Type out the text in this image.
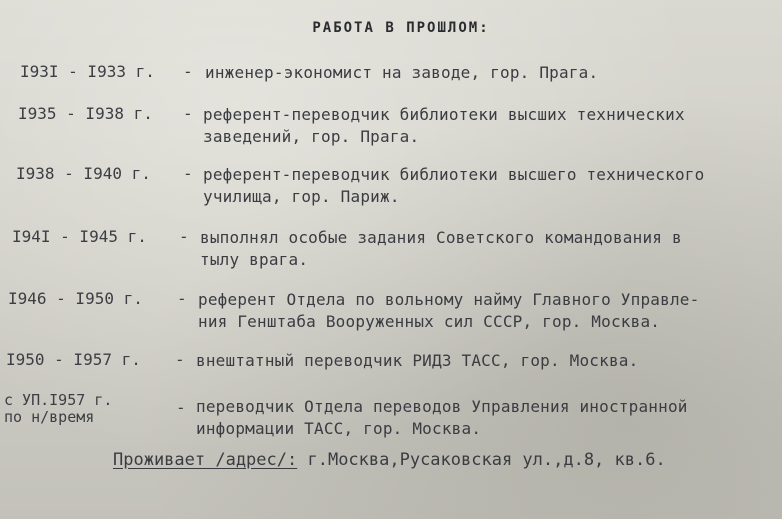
РАБОТА В ПРОШЛОМ:
I93I - I933 г. - инженер-экономист на заводе, гор. Прага.
I935 - I938 г. - референт-переводчик библиотеки высших технических
заведений, гор. Прага.
I938 - I940 г. - референт-переводчик библиотеки высшего технического
училища, гор. Париж.
I94I - I945 г. - выполнял особые задания Советского командования в
тылу врага.
I946 - I950 г. - референт Отдела по вольному найму Главного Управле-
ния Генштаба Вооруженных сил СССР, гор. Москва.
I950 - I957 г. - внештатный переводчик РИДЗ ТАСС, гор. Москва.
с УП.I957 г.
по н/время	- переводчик Отдела переводов Управления иностранной
информации ТАСС, гор. Москва.
Проживает /адрес/: г.Москва,Русаковская ул.,д.8, кв.6.
